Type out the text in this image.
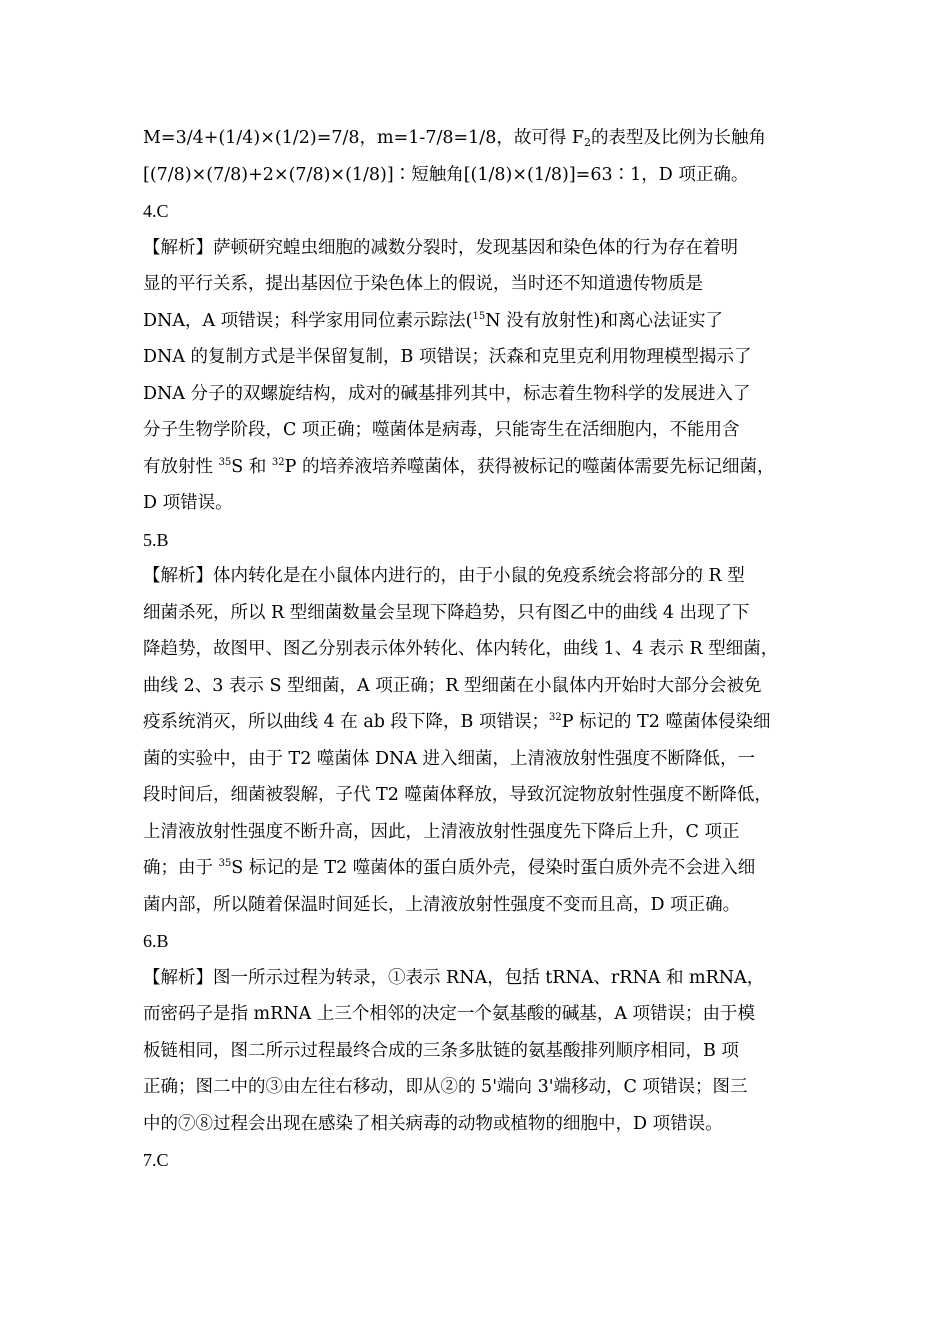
M=3/4+(1/4)×(1/2)=7/8，m=1-7/8=1/8，故可得 $F_2$的表型及比例为长触角
[(7/8)×(7/8)+2×(7/8)×(1/8)]∶短触角[(1/8)×(1/8)]=63∶1，D 项正确。
4.C
【解析】萨顿研究蝗虫细胞的减数分裂时，发现基因和染色体的行为存在着明
显的平行关系，提出基因位于染色体上的假说，当时还不知道遗传物质是
DNA，A 项错误；科学家用同位素示踪法($^{15}$N 没有放射性)和离心法证实了
DNA 的复制方式是半保留复制，B 项错误；沃森和克里克利用物理模型揭示了
DNA 分子的双螺旋结构，成对的碱基排列其中，标志着生物科学的发展进入了
分子生物学阶段，C 项正确；噬菌体是病毒，只能寄生在活细胞内，不能用含
有放射性 $^{35}$S 和 $^{32}$P 的培养液培养噬菌体，获得被标记的噬菌体需要先标记细菌，
D 项错误。
5.B
【解析】体内转化是在小鼠体内进行的，由于小鼠的免疫系统会将部分的 R 型
细菌杀死，所以 R 型细菌数量会呈现下降趋势，只有图乙中的曲线 4 出现了下
降趋势，故图甲、图乙分别表示体外转化、体内转化，曲线 1、4 表示 R 型细菌，
曲线 2、3 表示 S 型细菌，A 项正确；R 型细菌在小鼠体内开始时大部分会被免
疫系统消灭，所以曲线 4 在 ab 段下降，B 项错误；$^{32}$P 标记的 T2 噬菌体侵染细
菌的实验中，由于 T2 噬菌体 DNA 进入细菌，上清液放射性强度不断降低，一
段时间后，细菌被裂解，子代 T2 噬菌体释放，导致沉淀物放射性强度不断降低，
上清液放射性强度不断升高，因此，上清液放射性强度先下降后上升，C 项正
确；由于 $^{35}$S 标记的是 T2 噬菌体的蛋白质外壳，侵染时蛋白质外壳不会进入细
菌内部，所以随着保温时间延长，上清液放射性强度不变而且高，D 项正确。
6.B
【解析】图一所示过程为转录，①表示 RNA，包括 tRNA、rRNA 和 mRNA，
而密码子是指 mRNA 上三个相邻的决定一个氨基酸的碱基，A 项错误；由于模
板链相同，图二所示过程最终合成的三条多肽链的氨基酸排列顺序相同，B 项
正确；图二中的③由左往右移动，即从②的 5'端向 3'端移动，C 项错误；图三
中的⑦⑧过程会出现在感染了相关病毒的动物或植物的细胞中，D 项错误。
7.C
